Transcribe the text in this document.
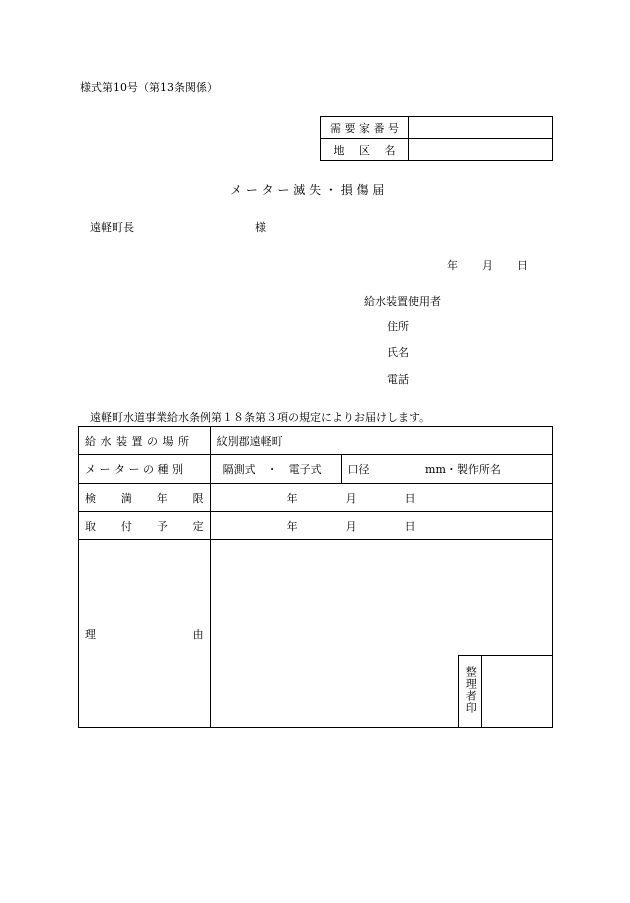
様式第10号（第13条関係）
需 要 家 番 号	
地　 区 　名	
メ ー タ ー 滅 失 ・ 損 傷 届
遠軽町長	様
年 月 日
給水装置使用者
住所
氏名
電話
遠軽町水道事業給水条例第１８条第３項の規定によりお届けします。
給 水 装 置 の 場 所	紋別郡遠軽町			
メ ー タ ー の 種 別	隔測式　・　電子式	口径 mm・製作所名		

検 満 年 限	年 月 日			

取 付 予 定	年 月 日			

理 由				

			整理者印	
